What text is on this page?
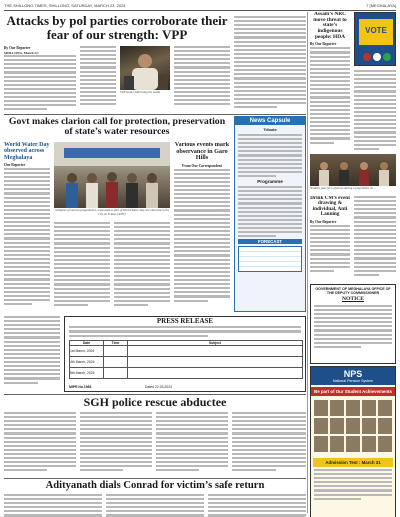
THE SHILLONG TIMES, SHILLONG, SATURDAY, MARCH 23, 2024	7 [MEGHALAYA]
Attacks by pol parties corroborate their fear of our strength: VPP
By Our Reporter
SHILLONG, March 22:
VPP leader addressing the media
Govt makes clarion call for protection, preservation of state’s water resources
World Water Day observed across Meghalaya
Our Reporter
Glimpses of various programmes, organised as part of World Water Day are observed in the city on Friday. (ANN)
Various events mark observance in Garo Hills
From Our Correspondent
News Capsule
Tribute
Programme
FORECAST
PRESS RELEASE
Date	Time	Subject
1st March, 2024		
4th March, 2024		
8th March, 2024		
MIPR No.1983	Dated 22.03.2024
SGH police rescue abductee
Adityanath dials Conrad for victim’s safe return
Assam’s NRC move threat to state’s indigenous people: HDA
By Our Reporter
VOTE
Students pass for a glorious during a programme on ...
Drink CM’s event drawing & individual, Anti Lanning
By Our Reporter
GOVERNMENT OF MEGHALAYA OFFICE OF THE DEPUTY COMMISSIONER
NOTICE
NPS
National Pension System
Be part of Our Student Achievements
Admission Test : March 31
